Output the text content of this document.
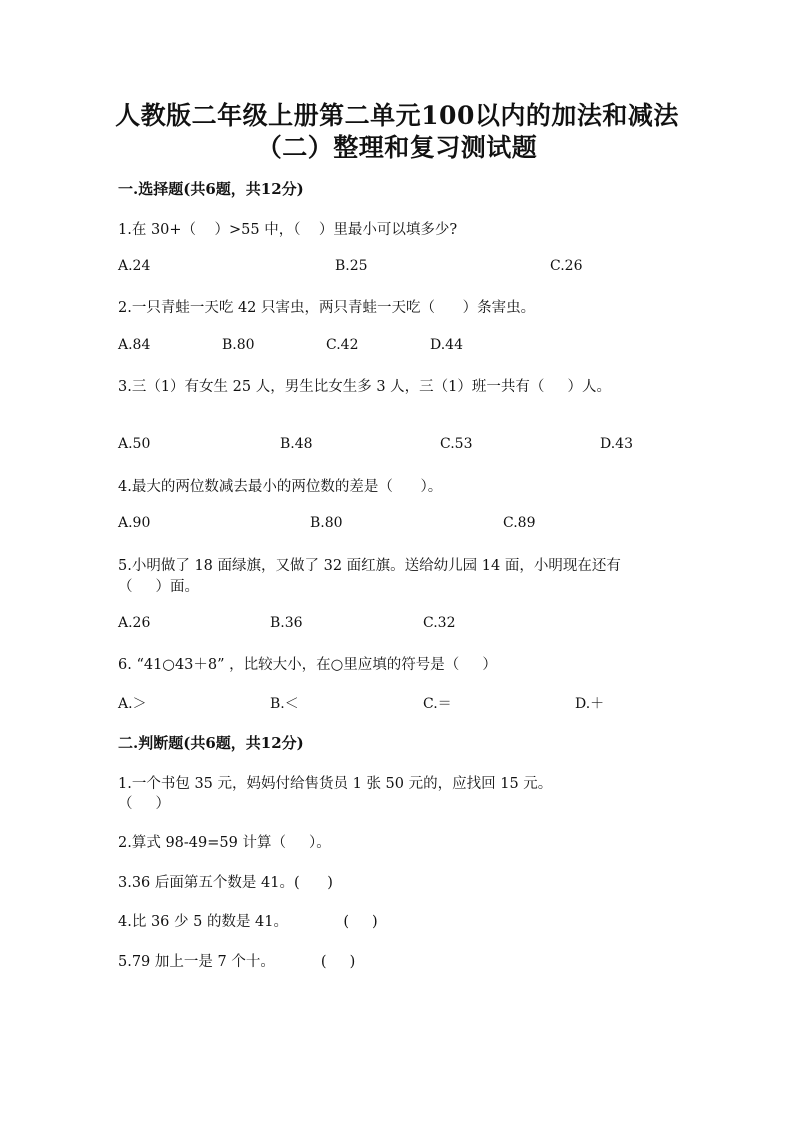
人教版二年级上册第二单元100以内的加法和减法
（二）整理和复习测试题

一.选择题(共6题，共12分)

1.在 30+（    ）>55 中，（    ）里最小可以填多少?

A.24	B.25	C.26

2.一只青蛙一天吃 42 只害虫，两只青蛙一天吃（      ）条害虫。

A.84	B.80	C.42	D.44

3.三（1）有女生 25 人，男生比女生多 3 人，三（1）班一共有（     ）人。

A.50	B.48	C.53	D.43

4.最大的两位数减去最小的两位数的差是（      ）。

A.90	B.80	C.89

5.小明做了 18 面绿旗，又做了 32 面红旗。送给幼儿园 14 面，小明现在还有

（     ）面。

A.26	B.36	C.32

6. “41○43＋8” ，比较大小，在○里应填的符号是（     ）

A.＞	B.＜	C.＝	D.＋

二.判断题(共6题，共12分)

1.一个书包 35 元，妈妈付给售货员 1 张 50 元的，应找回 15 元。

（     ）

2.算式 98-49=59 计算（     ）。

3.36 后面第五个数是 41。(      )

4.比 36 少 5 的数是 41。            (     )

5.79 加上一是 7 个十。          (     )
